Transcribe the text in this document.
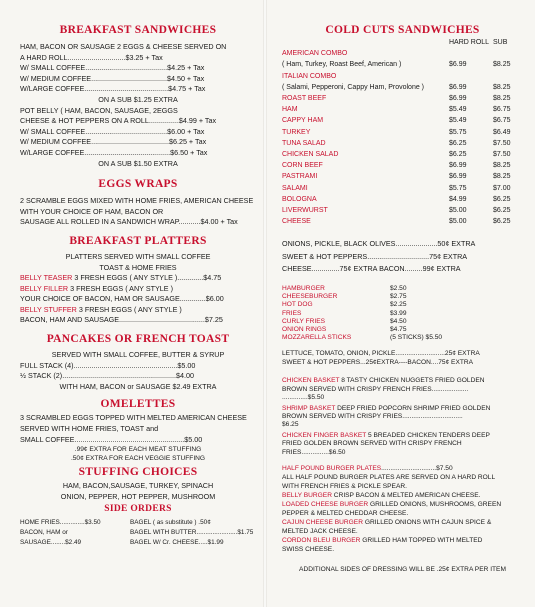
BREAKFAST SANDWICHES
HAM, BACON OR SAUSAGE 2 EGGS & CHEESE SERVED ON
A HARD ROLL.............................$3.25 + Tax
W/ SMALL COFFEE.........................................$4.25 + Tax
W/ MEDIUM COFFEE......................................$4.50 + Tax
W/LARGE COFFEE..........................................$4.75 + Tax
ON A SUB $1.25 EXTRA
POT BELLY ( HAM, BACON, SAUSAGE, 2EGGS
CHEESE & HOT PEPPERS ON A ROLL...............$4.99 + Tax
W/ SMALL COFFEE.........................................$6.00 + Tax
W/ MEDIUM COFFEE.......................................$6.25 + Tax
W/LARGE COFFEE...........................................$6.50 + Tax
ON A SUB $1.50 EXTRA
EGGS WRAPS
2 SCRAMBLE EGGS MIXED WITH HOME FRIES, AMERICAN CHEESE
WITH YOUR CHOICE OF HAM, BACON OR
SAUSAGE ALL ROLLED IN A SANDWICH WRAP...........$4.00 + Tax
BREAKFAST PLATTERS
PLATTERS SERVED WITH SMALL COFFEE
TOAST & HOME FRIES
BELLY TEASER 3 FRESH EGGS ( ANY STYLE ).............$4.75
BELLY FILLER 3 FRESH EGGS ( ANY STYLE )
YOUR CHOICE OF BACON, HAM OR SAUSAGE.............$6.00
BELLY STUFFER 3 FRESH EGGS ( ANY STYLE )
BACON, HAM AND SAUSAGE...........................................$7.25
PANCAKES OR FRENCH TOAST
SERVED WITH SMALL COFFEE, BUTTER & SYRUP
FULL STACK (4)....................................................$5.00
½ STACK (2).........................................................$4.00
WITH HAM, BACON or SAUSAGE $2.49 EXTRA
OMELETTES
3 SCRAMBLED EGGS TOPPED WITH MELTED AMERICAN CHEESE
SERVED WITH HOME FRIES, TOAST and
SMALL COFFEE.......................................................$5.00
.99¢ EXTRA FOR EACH MEAT STUFFING
.50¢ EXTRA FOR EACH VEGGIE STUFFING
STUFFING CHOICES
HAM, BACON,SAUSAGE, TURKEY, SPINACH
ONION, PEPPER, HOT PEPPER, MUSHROOM
SIDE ORDERS
HOME FRIES..............$3.50	BAGEL ( as substitute ) .50¢
BACON, HAM or	BAGEL WITH BUTTER.......................$1.75
SAUSAGE........$2.49	BAGEL W/ Cr. CHEESE.....$1.99
COLD CUTS SANDWICHES
HARD ROLL SUB
AMERICAN COMBO
( Ham, Turkey, Roast Beef, American )	$6.99	$8.25
ITALIAN COMBO
( Salami, Pepperoni, Cappy Ham, Provolone )	$6.99	$8.25
ROAST BEEF	$6.99	$8.25
HAM	$5.49	$6.75
CAPPY HAM	$5.49	$6.75
TURKEY	$5.75	$6.49
TUNA SALAD	$6.25	$7.50
CHICKEN SALAD	$6.25	$7.50
CORN BEEF	$6.99	$8.25
PASTRAMI	$6.99	$8.25
SALAMI	$5.75	$7.00
BOLOGNA	$4.99	$6.25
LIVERWURST	$5.00	$6.25
CHEESE	$5.00	$6.25
ONIONS, PICKLE, BLACK OLIVES.....................50¢ EXTRA
SWEET & HOT PEPPERS...............................75¢ EXTRA
CHEESE..............75¢ EXTRA BACON.........99¢ EXTRA
HAMBURGER	$2.50
CHEESEBURGER	$2.75
HOT DOG	$2.25
FRIES	$3.99
CURLY FRIES	$4.50
ONION RINGS	$4.75
MOZZARELLA STICKS	(5 STICKS) $5.50
LETTUCE, TOMATO, ONION, PICKLE...........................25¢ EXTRA
SWEET & HOT PEPPERS...25¢EXTRA----BACON....75¢ EXTRA
CHICKEN BASKET 8 TASTY CHICKEN NUGGETS FRIED GOLDEN
BROWN SERVED WITH CRISPY FRENCH FRIES....................
..............$5.50
SHRIMP BASKET DEEP FRIED POPCORN SHRIMP FRIED GOLDEN
BROWN SERVED WITH CRISPY FRIES.................................
$6.25
CHICKEN FINGER BASKET 5 BREADED CHICKEN TENDERS DEEP
FRIED GOLDEN BROWN SERVED WITH CRISPY FRENCH
FRIES...............$6.50
HALF POUND BURGER PLATES..............................$7.50
ALL HALF POUND BURGER PLATES ARE SERVED ON A HARD ROLL
WITH FRENCH FRIES & PICKLE SPEAR.
BELLY BURGER CRISP BACON & MELTED AMERICAN CHEESE.
LOADED CHEESE BURGER GRILLED ONIONS, MUSHROOMS, GREEN
PEPPER & MELTED CHEDDAR CHEESE.
CAJUN CHEESE BURGER GRILLED ONIONS WITH CAJUN SPICE &
MELTED JACK CHEESE.
CORDON BLEU BURGER GRILLED HAM TOPPED WITH MELTED
SWISS CHEESE.
ADDITIONAL SIDES OF DRESSING WILL BE .25¢ EXTRA PER ITEM
